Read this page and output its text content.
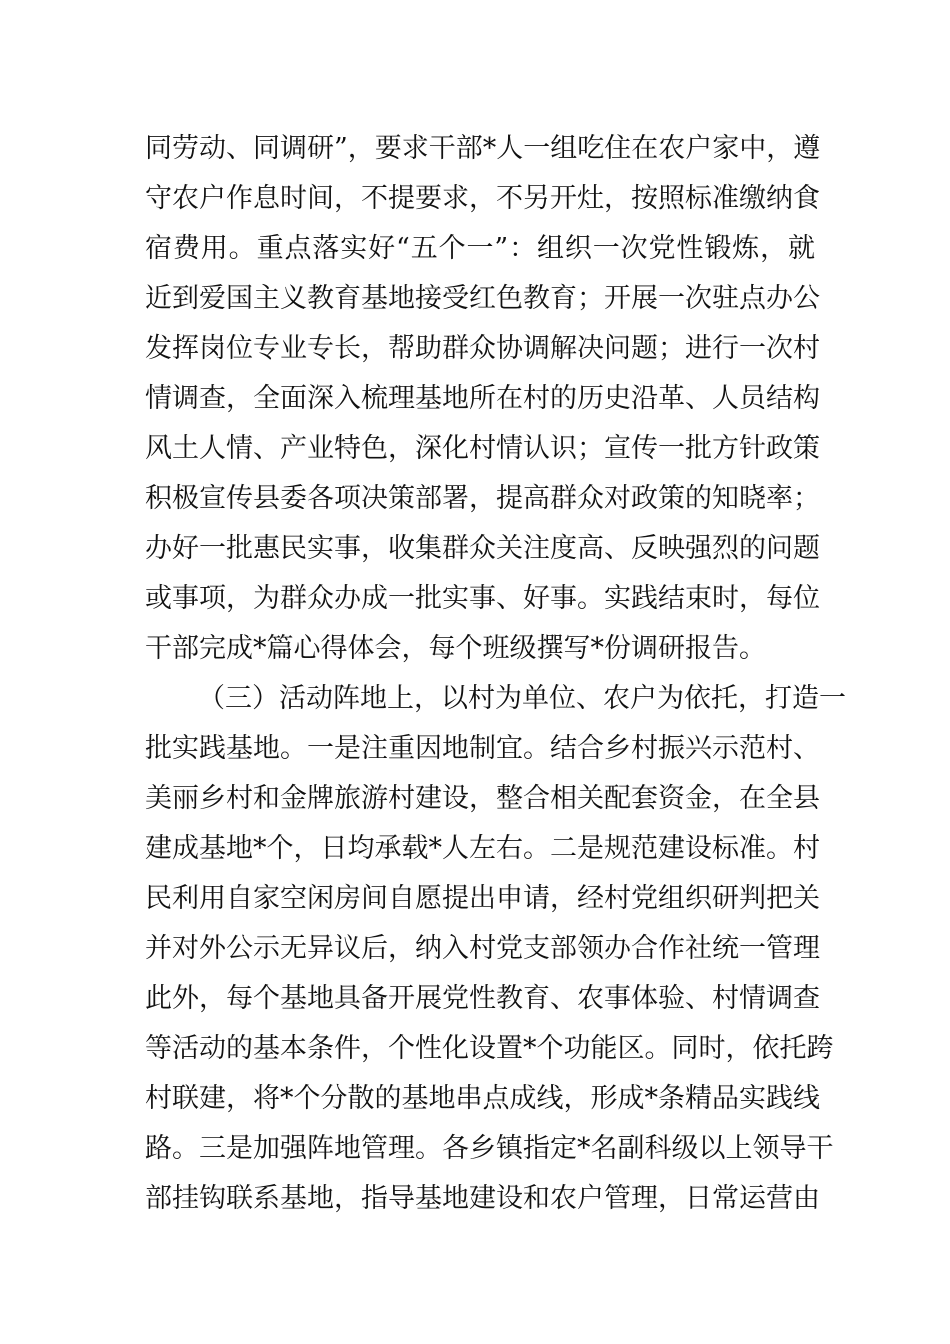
同劳动、同调研”，要求干部*人一组吃住在农户家中，遵
守农户作息时间，不提要求，不另开灶，按照标准缴纳食
宿费用。重点落实好“五个一”：组织一次党性锻炼，就
近到爱国主义教育基地接受红色教育；开展一次驻点办公
发挥岗位专业专长，帮助群众协调解决问题；进行一次村
情调查，全面深入梳理基地所在村的历史沿革、人员结构
风土人情、产业特色，深化村情认识；宣传一批方针政策
积极宣传县委各项决策部署，提高群众对政策的知晓率；
办好一批惠民实事，收集群众关注度高、反映强烈的问题
或事项，为群众办成一批实事、好事。实践结束时，每位
干部完成*篇心得体会，每个班级撰写*份调研报告。
（三）活动阵地上，以村为单位、农户为依托，打造一
批实践基地。一是注重因地制宜。结合乡村振兴示范村、
美丽乡村和金牌旅游村建设，整合相关配套资金，在全县
建成基地*个，日均承载*人左右。二是规范建设标准。村
民利用自家空闲房间自愿提出申请，经村党组织研判把关
并对外公示无异议后，纳入村党支部领办合作社统一管理
此外，每个基地具备开展党性教育、农事体验、村情调查
等活动的基本条件，个性化设置*个功能区。同时，依托跨
村联建，将*个分散的基地串点成线，形成*条精品实践线
路。三是加强阵地管理。各乡镇指定*名副科级以上领导干
部挂钩联系基地，指导基地建设和农户管理，日常运营由
